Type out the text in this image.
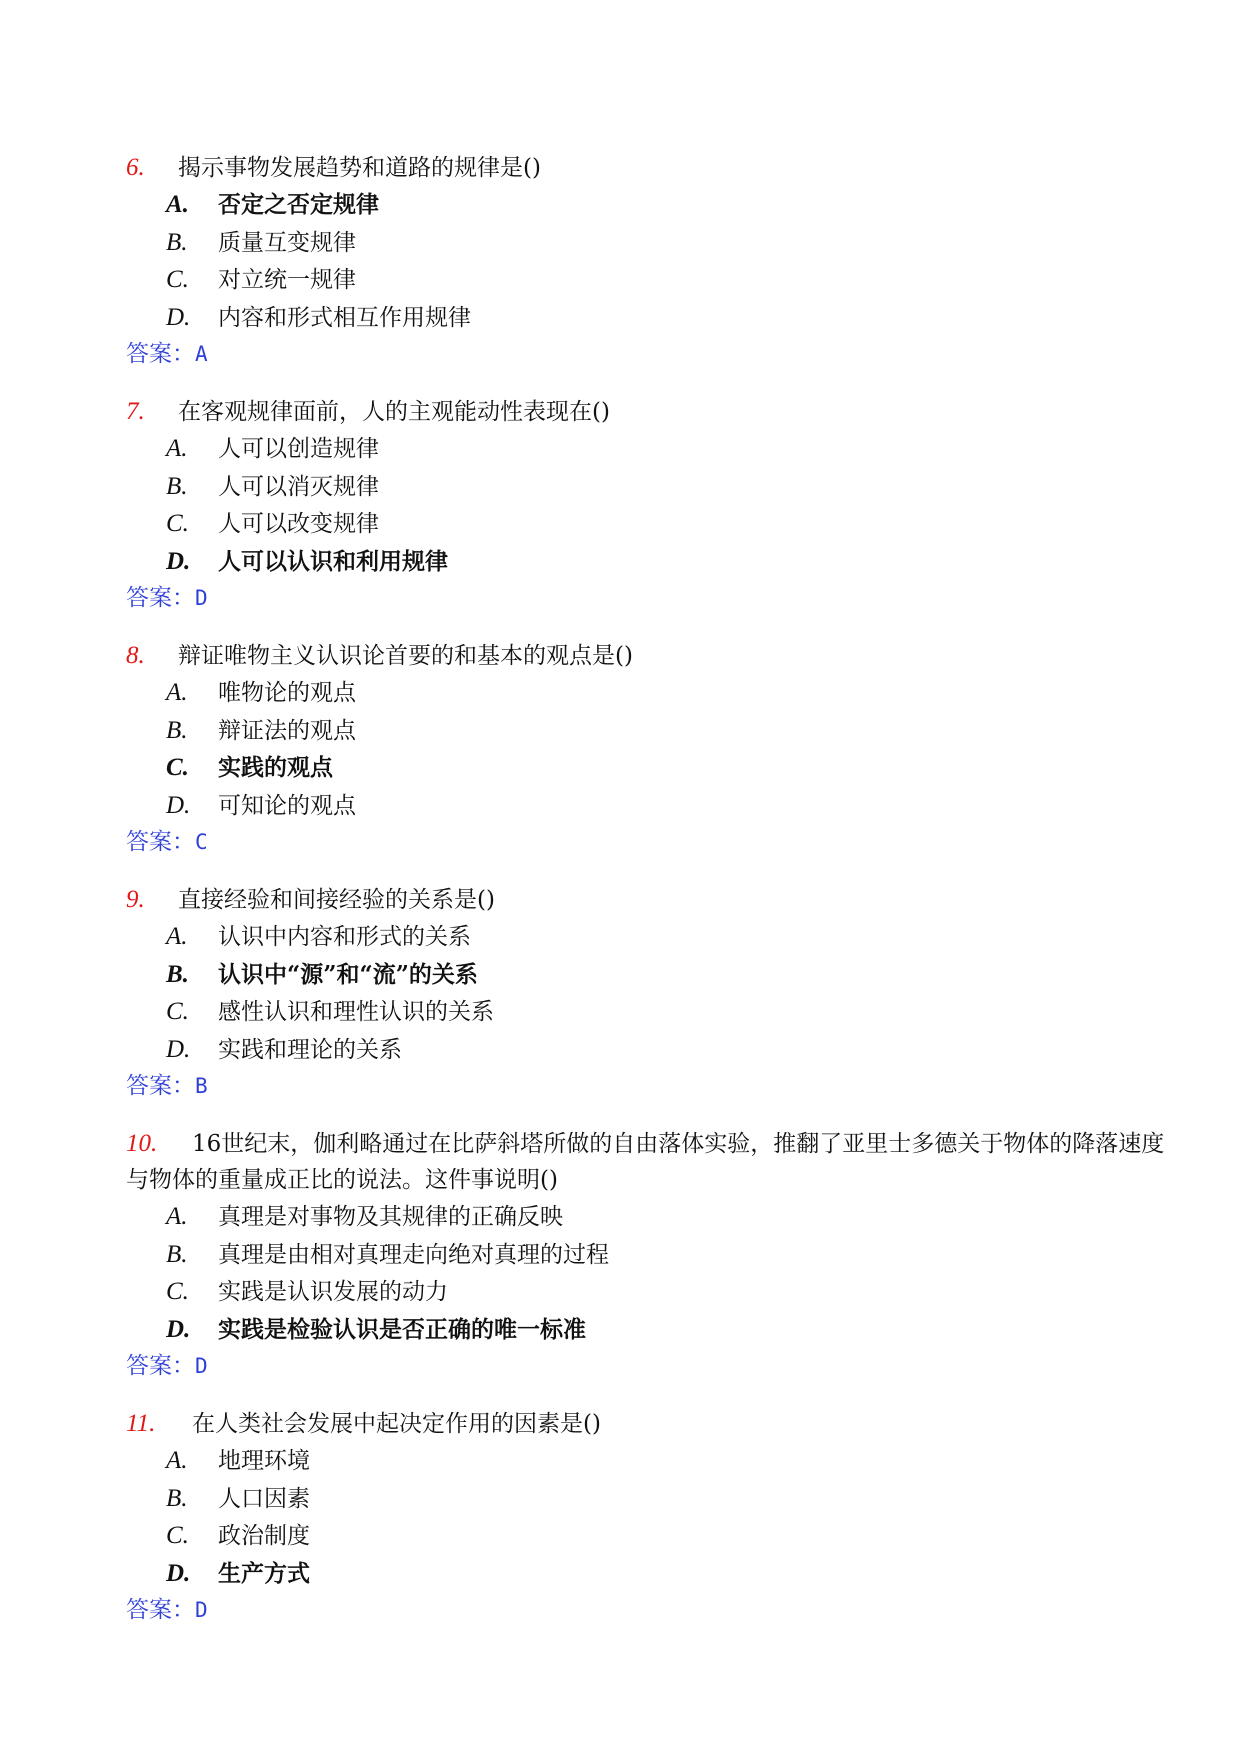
6. 揭示事物发展趋势和道路的规律是()
A. 否定之否定规律
B. 质量互变规律
C. 对立统一规律
D. 内容和形式相互作用规律
答案：A
7. 在客观规律面前，人的主观能动性表现在()
A. 人可以创造规律
B. 人可以消灭规律
C. 人可以改变规律
D. 人可以认识和利用规律
答案：D
8. 辩证唯物主义认识论首要的和基本的观点是()
A. 唯物论的观点
B. 辩证法的观点
C. 实践的观点
D. 可知论的观点
答案：C
9. 直接经验和间接经验的关系是()
A. 认识中内容和形式的关系
B. 认识中“源”和“流”的关系
C. 感性认识和理性认识的关系
D. 实践和理论的关系
答案：B
10. 16世纪末，伽利略通过在比萨斜塔所做的自由落体实验，推翻了亚里士多德关于物体的降落速度与物体的重量成正比的说法。这件事说明()
A. 真理是对事物及其规律的正确反映
B. 真理是由相对真理走向绝对真理的过程
C. 实践是认识发展的动力
D. 实践是检验认识是否正确的唯一标准
答案：D
11. 在人类社会发展中起决定作用的因素是()
A. 地理环境
B. 人口因素
C. 政治制度
D. 生产方式
答案：D
